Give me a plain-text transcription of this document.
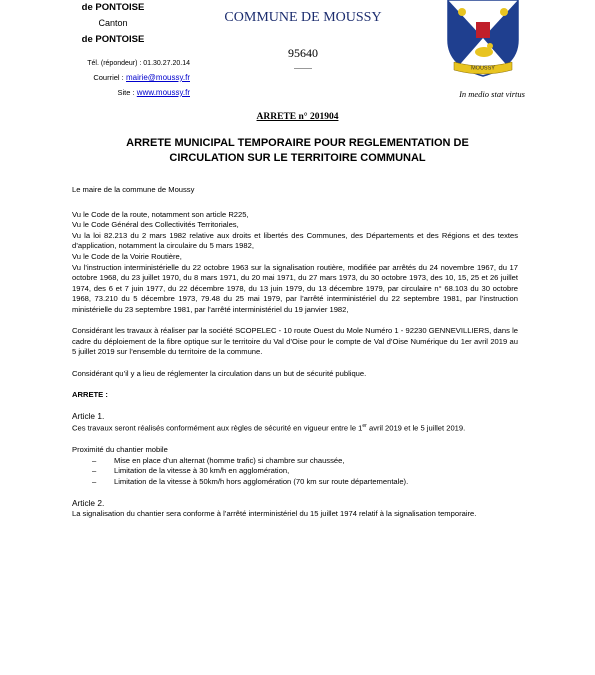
de PONTOISE
Canton
de PONTOISE
Tél. (répondeur) : 01.30.27.20.14
Courriel : mairie@moussy.fr
Site : www.moussy.fr
COMMUNE DE MOUSSY
95640
MOUSSY
In medio stat virtus
ARRETE n° 201904
ARRETE MUNICIPAL TEMPORAIRE POUR REGLEMENTATION DE
CIRCULATION SUR LE TERRITOIRE COMMUNAL

Le maire de la commune de Moussy

Vu le Code de la route, notamment son article R225,

Vu le Code Général des Collectivités Territoriales,

Vu la loi 82.213 du 2 mars 1982 relative aux droits et libertés des Communes, des Départements et des Régions et des textes d’application, notamment la circulaire du 5 mars 1982,

Vu le Code de la Voirie Routière,

Vu l’instruction interministérielle du 22 octobre 1963 sur la signalisation routière, modifiée par arrêtés du 24 novembre 1967, du 17 octobre 1968, du 23 juillet 1970, du 8 mars 1971, du 20 mai 1971, du 27 mars 1973, du 30 octobre 1973, des 10, 15, 25 et 26 juillet 1974, des 6 et 7 juin 1977, du 22 décembre 1978, du 13 juin 1979, du 13 décembre 1979, par circulaire n° 68.103 du 30 octobre 1968, 73.210 du 5 décembre 1973, 79.48 du 25 mai 1979, par l’arrêté interministériel du 22 septembre 1981, par l’instruction ministérielle du 23 septembre 1981, par l’arrêté interministériel du 19 janvier 1982,

Considérant les travaux à réaliser par la société SCOPELEC - 10 route Ouest du Mole Numéro 1 - 92230 GENNEVILLIERS, dans le cadre du déploiement de la fibre optique sur le territoire du Val d’Oise pour le compte de Val d’Oise Numérique du 1er avril 2019 au 5 juillet 2019 sur l’ensemble du territoire de la commune.

Considérant qu’il y a lieu de réglementer la circulation dans un but de sécurité publique.

ARRETE :

Article 1.

Ces travaux seront réalisés conformément aux règles de sécurité en vigueur entre le 1er avril 2019 et le 5 juillet 2019.

Proximité du chantier mobile

– Mise en place d’un alternat (homme trafic) si chambre sur chaussée,
– Limitation de la vitesse à 30 km/h en agglomération,
– Limitation de la vitesse à 50km/h hors agglomération (70 km sur route départementale).

Article 2.

La signalisation du chantier sera conforme à l’arrêté interministériel du 15 juillet 1974 relatif à la signalisation temporaire.
